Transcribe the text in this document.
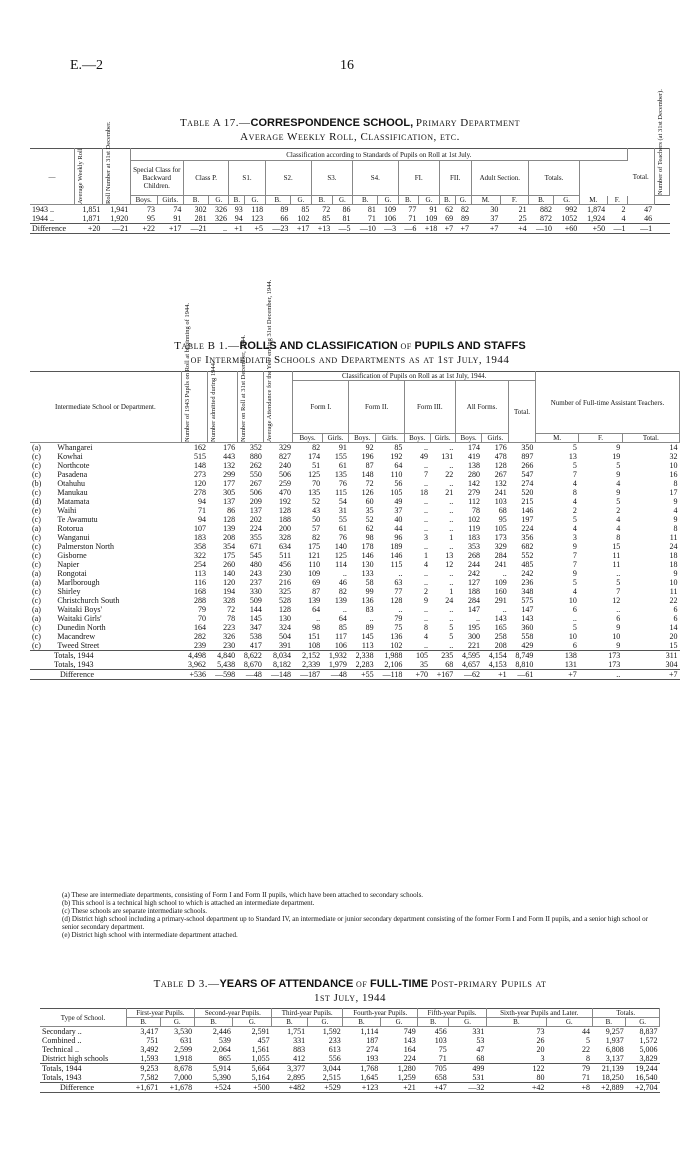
E.—2	16
Table A 17.—CORRESPONDENCE SCHOOL, Primary Department
Average Weekly Roll, Classification, etc.
—	Average Weekly Roll	Roll Number at 31st December.	Classification according to Standards of Pupils on Roll at 1st July.																						Total.	Number of Teachers (at 31st December).

			Special Class for Backward Children.		Class P.		S1.		S2.		S3.		S4.		FI.		FII.		Adult Section.		Totals.				
			Boys.	Girls.	B.	G.	B.	G.	B.	G.	B.	G.	B.	G.	B.	G.	B.	G.	M.	F.	B.	G.	M.	F.		
1943 ..	1,851	1,941	73	74	302	326	93	118	89	85	72	86	81	109	77	91	62	82	30	21	882	992	1,874	2	47	
1944 ..	1,871	1,920	95	91	281	326	94	123	66	102	85	81	71	106	71	109	69	89	37	25	872	1052	1,924	4	46	
Difference	+20	—21	+22	+17	—21	..	+1	+5	—23	+17	+13	—5	—10	—3	—6	+18	+7	+7	+7	+4	—10	+60	+50	—1	—1	
Table B 1.—ROLLS AND CLASSIFICATION of PUPILS AND STAFFS
of Intermediate Schools and Departments as at 1st July, 1944
Intermediate School or Department.		Number of 1943 Pupils on Roll at beginning of 1944.	Number admitted during 1944.	Number on Roll at 31st December, 1944.	Average Attendance for the Year ending 31st December, 1944.	Classification of Pupils on Roll as at 1st July, 1944.									Number of Full-time Assistant Teachers.		
						Form I.		Form II.		Form III.		All Forms.		Total.			
						Boys.	Girls.	Boys.	Girls.	Boys.	Girls.	Boys.	Girls.		M.	F.	Total.
(a)	Whangarei	162	176	352	329	82	91	92	85	..	..	174	176	350	5	9	14
(c)	Kowhai	515	443	880	827	174	155	196	192	49	131	419	478	897	13	19	32
(c)	Northcote	148	132	262	240	51	61	87	64	..	..	138	128	266	5	5	10
(c)	Pasadena	273	299	550	506	125	135	148	110	7	22	280	267	547	7	9	16
(b)	Otahuhu	120	177	267	259	70	76	72	56	..	..	142	132	274	4	4	8
(c)	Manukau	278	305	506	470	135	115	126	105	18	21	279	241	520	8	9	17
(d)	Matamata	94	137	209	192	52	54	60	49	..	..	112	103	215	4	5	9
(e)	Waihi	71	86	137	128	43	31	35	37	..	..	78	68	146	2	2	4
(c)	Te Awamutu	94	128	202	188	50	55	52	40	..	..	102	95	197	5	4	9
(a)	Rotorua	107	139	224	200	57	61	62	44	..	..	119	105	224	4	4	8
(c)	Wanganui	183	208	355	328	82	76	98	96	3	1	183	173	356	3	8	11
(c)	Palmerston North	358	354	671	634	175	140	178	189	..	..	353	329	682	9	15	24
(c)	Gisborne	322	175	545	511	121	125	146	146	1	13	268	284	552	7	11	18
(c)	Napier	254	260	480	456	110	114	130	115	4	12	244	241	485	7	11	18
(a)	Rongotai	113	140	243	230	109	..	133	..	..	..	242	..	242	9	..	9
(a)	Marlborough	116	120	237	216	69	46	58	63	..	..	127	109	236	5	5	10
(c)	Shirley	168	194	330	325	87	82	99	77	2	1	188	160	348	4	7	11
(c)	Christchurch South	288	328	509	528	139	139	136	128	9	24	284	291	575	10	12	22
(a)	Waitaki Boys'	79	72	144	128	64	..	83	..	..	..	147	..	147	6	..	6
(a)	Waitaki Girls'	70	78	145	130	..	64	..	79	..	..	..	143	143	..	6	6
(c)	Dunedin North	164	223	347	324	98	85	89	75	8	5	195	165	360	5	9	14
(c)	Macandrew	282	326	538	504	151	117	145	136	4	5	300	258	558	10	10	20
(c)	Tweed Street	239	230	417	391	108	106	113	102	..	..	221	208	429	6	9	15
Totals, 1944		4,498	4,840	8,622	8,034	2,152	1,932	2,338	1,988	105	235	4,595	4,154	8,749	138	173	311
Totals, 1943		3,962	5,438	8,670	8,182	2,339	1,979	2,283	2,106	35	68	4,657	4,153	8,810	131	173	304
Difference		+536	—598	—48	—148	—187	—48	+55	—118	+70	+167	—62	+1	—61	+7	..	+7
(a) These are intermediate departments, consisting of Form I and Form II pupils, which have been attached to secondary schools.
(b) This school is a technical high school to which is attached an intermediate department.
(c) These schools are separate intermediate schools.
(d) District high school including a primary-school department up to Standard IV, an intermediate or junior secondary department consisting of the former Form I and Form II pupils, and a senior high school or senior secondary department.
(e) District high school with intermediate department attached.
Table D 3.—YEARS OF ATTENDANCE of FULL-TIME Post-primary Pupils at
1st July, 1944
Type of School.	First-year Pupils.		Second-year Pupils.		Third-year Pupils.		Fourth-year Pupils.		Fifth-year Pupils.		Sixth-year Pupils and Later.		Totals.	
	B.	G.	B.	G.	B.	G.	B.	G.	B.	G.	B.	G.	B.	G.
Secondary ..	3,417	3,530	2,446	2,591	1,751	1,592	1,114	749	456	331	73	44	9,257	8,837
Combined ..	751	631	539	457	331	233	187	143	103	53	26	5	1,937	1,572
Technical ..	3,492	2,599	2,064	1,561	883	613	274	164	75	47	20	22	6,808	5,006
District high schools	1,593	1,918	865	1,055	412	556	193	224	71	68	3	8	3,137	3,829
Totals, 1944	9,253	8,678	5,914	5,664	3,377	3,044	1,768	1,280	705	499	122	79	21,139	19,244
Totals, 1943	7,582	7,000	5,390	5,164	2,895	2,515	1,645	1,259	658	531	80	71	18,250	16,540
Difference	+1,671	+1,678	+524	+500	+482	+529	+123	+21	+47	—32	+42	+8	+2,889	+2,704
